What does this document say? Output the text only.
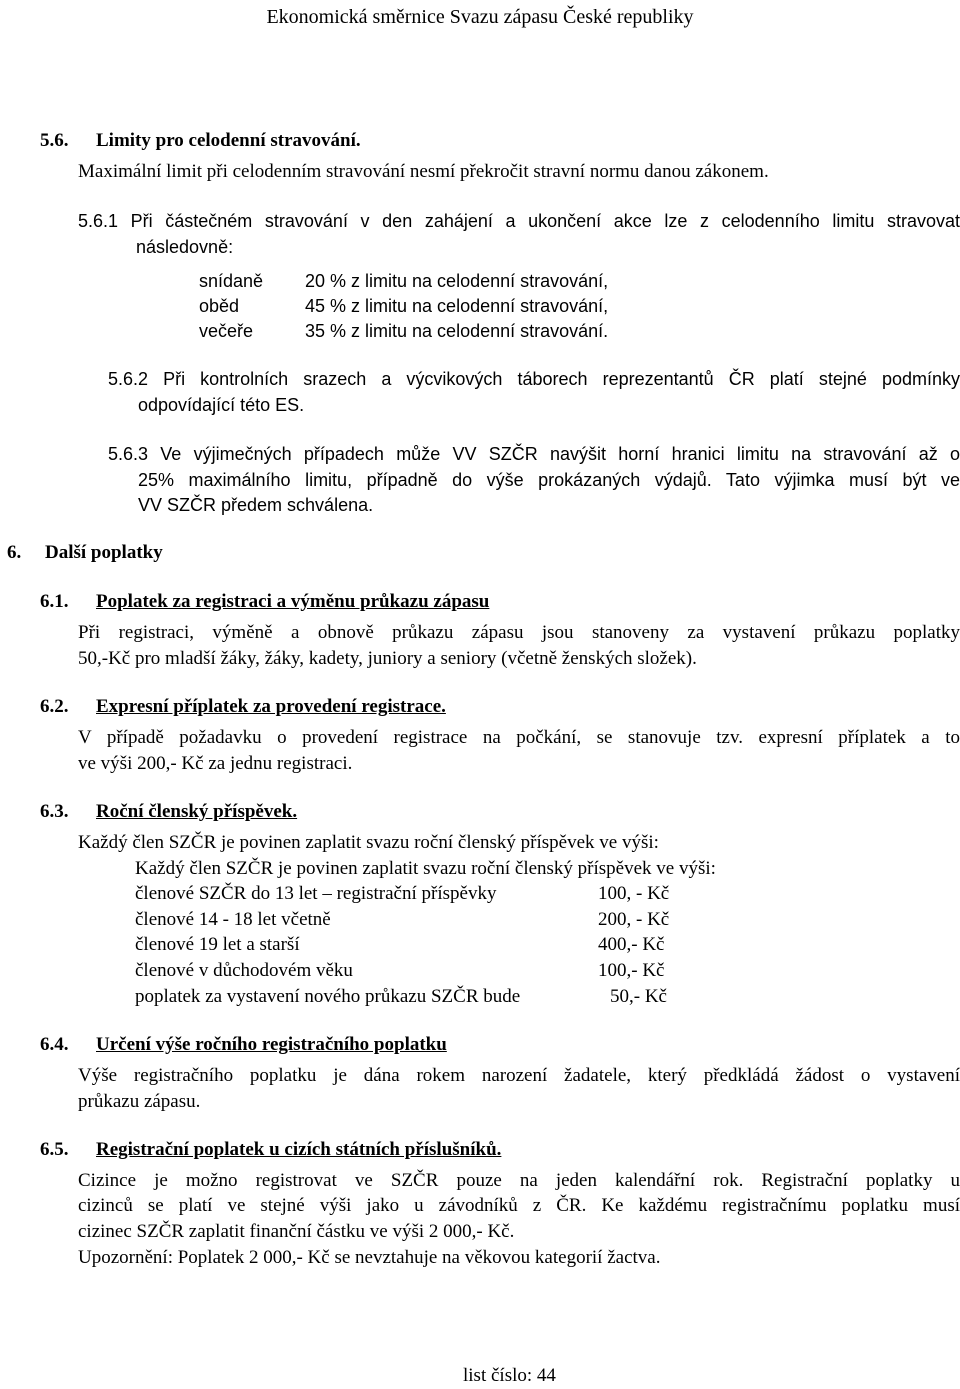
Ekonomická směrnice Svazu zápasu České republiky
5.6. Limity pro celodenní stravování.
Maximální limit při celodenním stravování nesmí překročit stravní normu danou zákonem.
5.6.1 Při částečném stravování v den zahájení a ukončení akce lze z celodenního limitu stravovat
následovně:
snídaně 20 % z limitu na celodenní stravování,
oběd	45 % z limitu na celodenní stravování,
večeře	35 % z limitu na celodenní stravování.
5.6.2 Při kontrolních srazech a výcvikových táborech reprezentantů ČR platí stejné podmínky
odpovídající této ES.
5.6.3 Ve výjimečných případech může VV SZČR navýšit horní hranici limitu na stravování až o
25% maximálního limitu, případně do výše prokázaných výdajů. Tato výjimka musí být ve
VV SZČR předem schválena.
6. Další poplatky
6.1. Poplatek za registraci a výměnu průkazu zápasu
Při registraci, výměně a obnově průkazu zápasu jsou stanoveny za vystavení průkazu poplatky
50,-Kč pro mladší žáky, žáky, kadety, juniory a seniory (včetně ženských složek).
6.2. Expresní příplatek za provedení registrace.
V případě požadavku o provedení registrace na počkání, se stanovuje tzv. expresní příplatek a to
ve výši 200,- Kč za jednu registraci.
6.3. Roční členský příspěvek.
Každý člen SZČR je povinen zaplatit svazu roční členský příspěvek ve výši:
Každý člen SZČR je povinen zaplatit svazu roční členský příspěvek ve výši:
členové SZČR do 13 let – registrační příspěvky	100, - Kč
členové 14 - 18 let včetně	200, - Kč
členové 19 let a starší	400,- Kč
členové v důchodovém věku	100,- Kč
poplatek za vystavení nového průkazu SZČR bude	50,- Kč
6.4. Určení výše ročního registračního poplatku
Výše registračního poplatku je dána rokem narození žadatele, který předkládá žádost o vystavení
průkazu zápasu.
6.5. Registrační poplatek u cizích státních příslušníků.
Cizince je možno registrovat ve SZČR pouze na jeden kalendářní rok. Registrační poplatky u
cizinců se platí ve stejné výši jako u závodníků z ČR. Ke každému registračnímu poplatku musí
cizinec SZČR zaplatit finanční částku ve výši 2 000,- Kč.
Upozornění: Poplatek 2 000,- Kč se nevztahuje na věkovou kategorií žactva.
list číslo: 44
